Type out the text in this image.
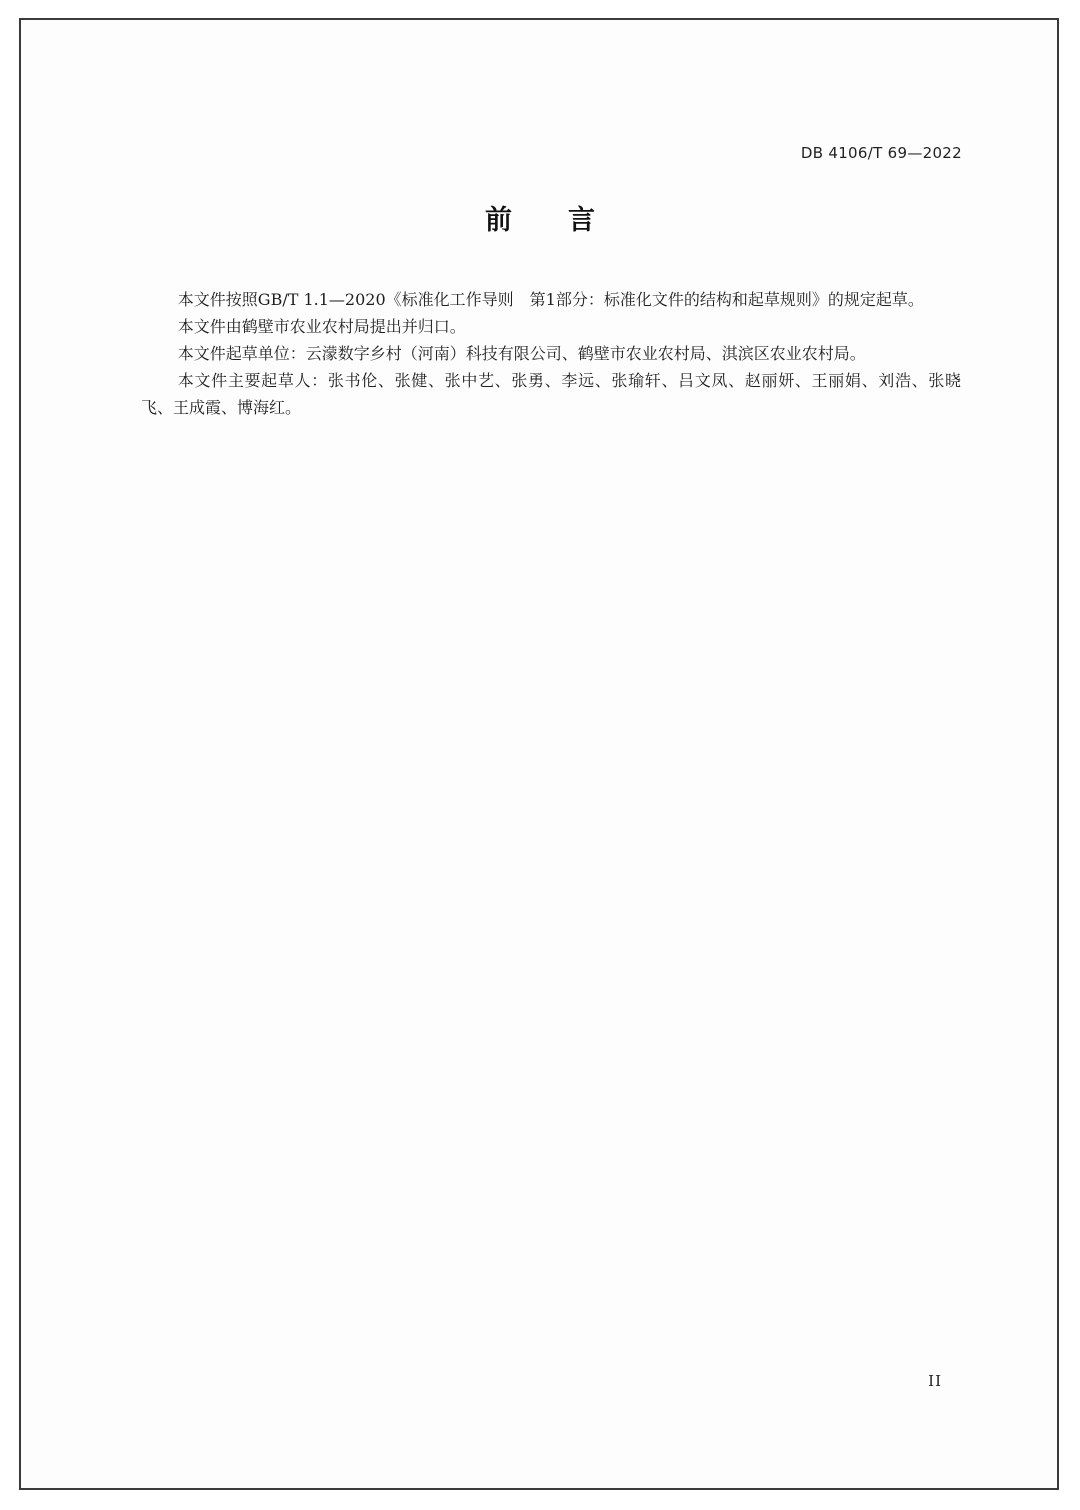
DB 4106/T 69—2022
前言

本文件按照GB/T 1.1—2020《标准化工作导则　第1部分：标准化文件的结构和起草规则》的规定起草。

本文件由鹤壁市农业农村局提出并归口。

本文件起草单位：云濛数字乡村（河南）科技有限公司、鹤壁市农业农村局、淇滨区农业农村局。

本文件主要起草人：张书伦、张健、张中艺、张勇、李远、张瑜轩、吕文凤、赵丽妍、王丽娟、刘浩、张晓飞、王成霞、博海红。

II
